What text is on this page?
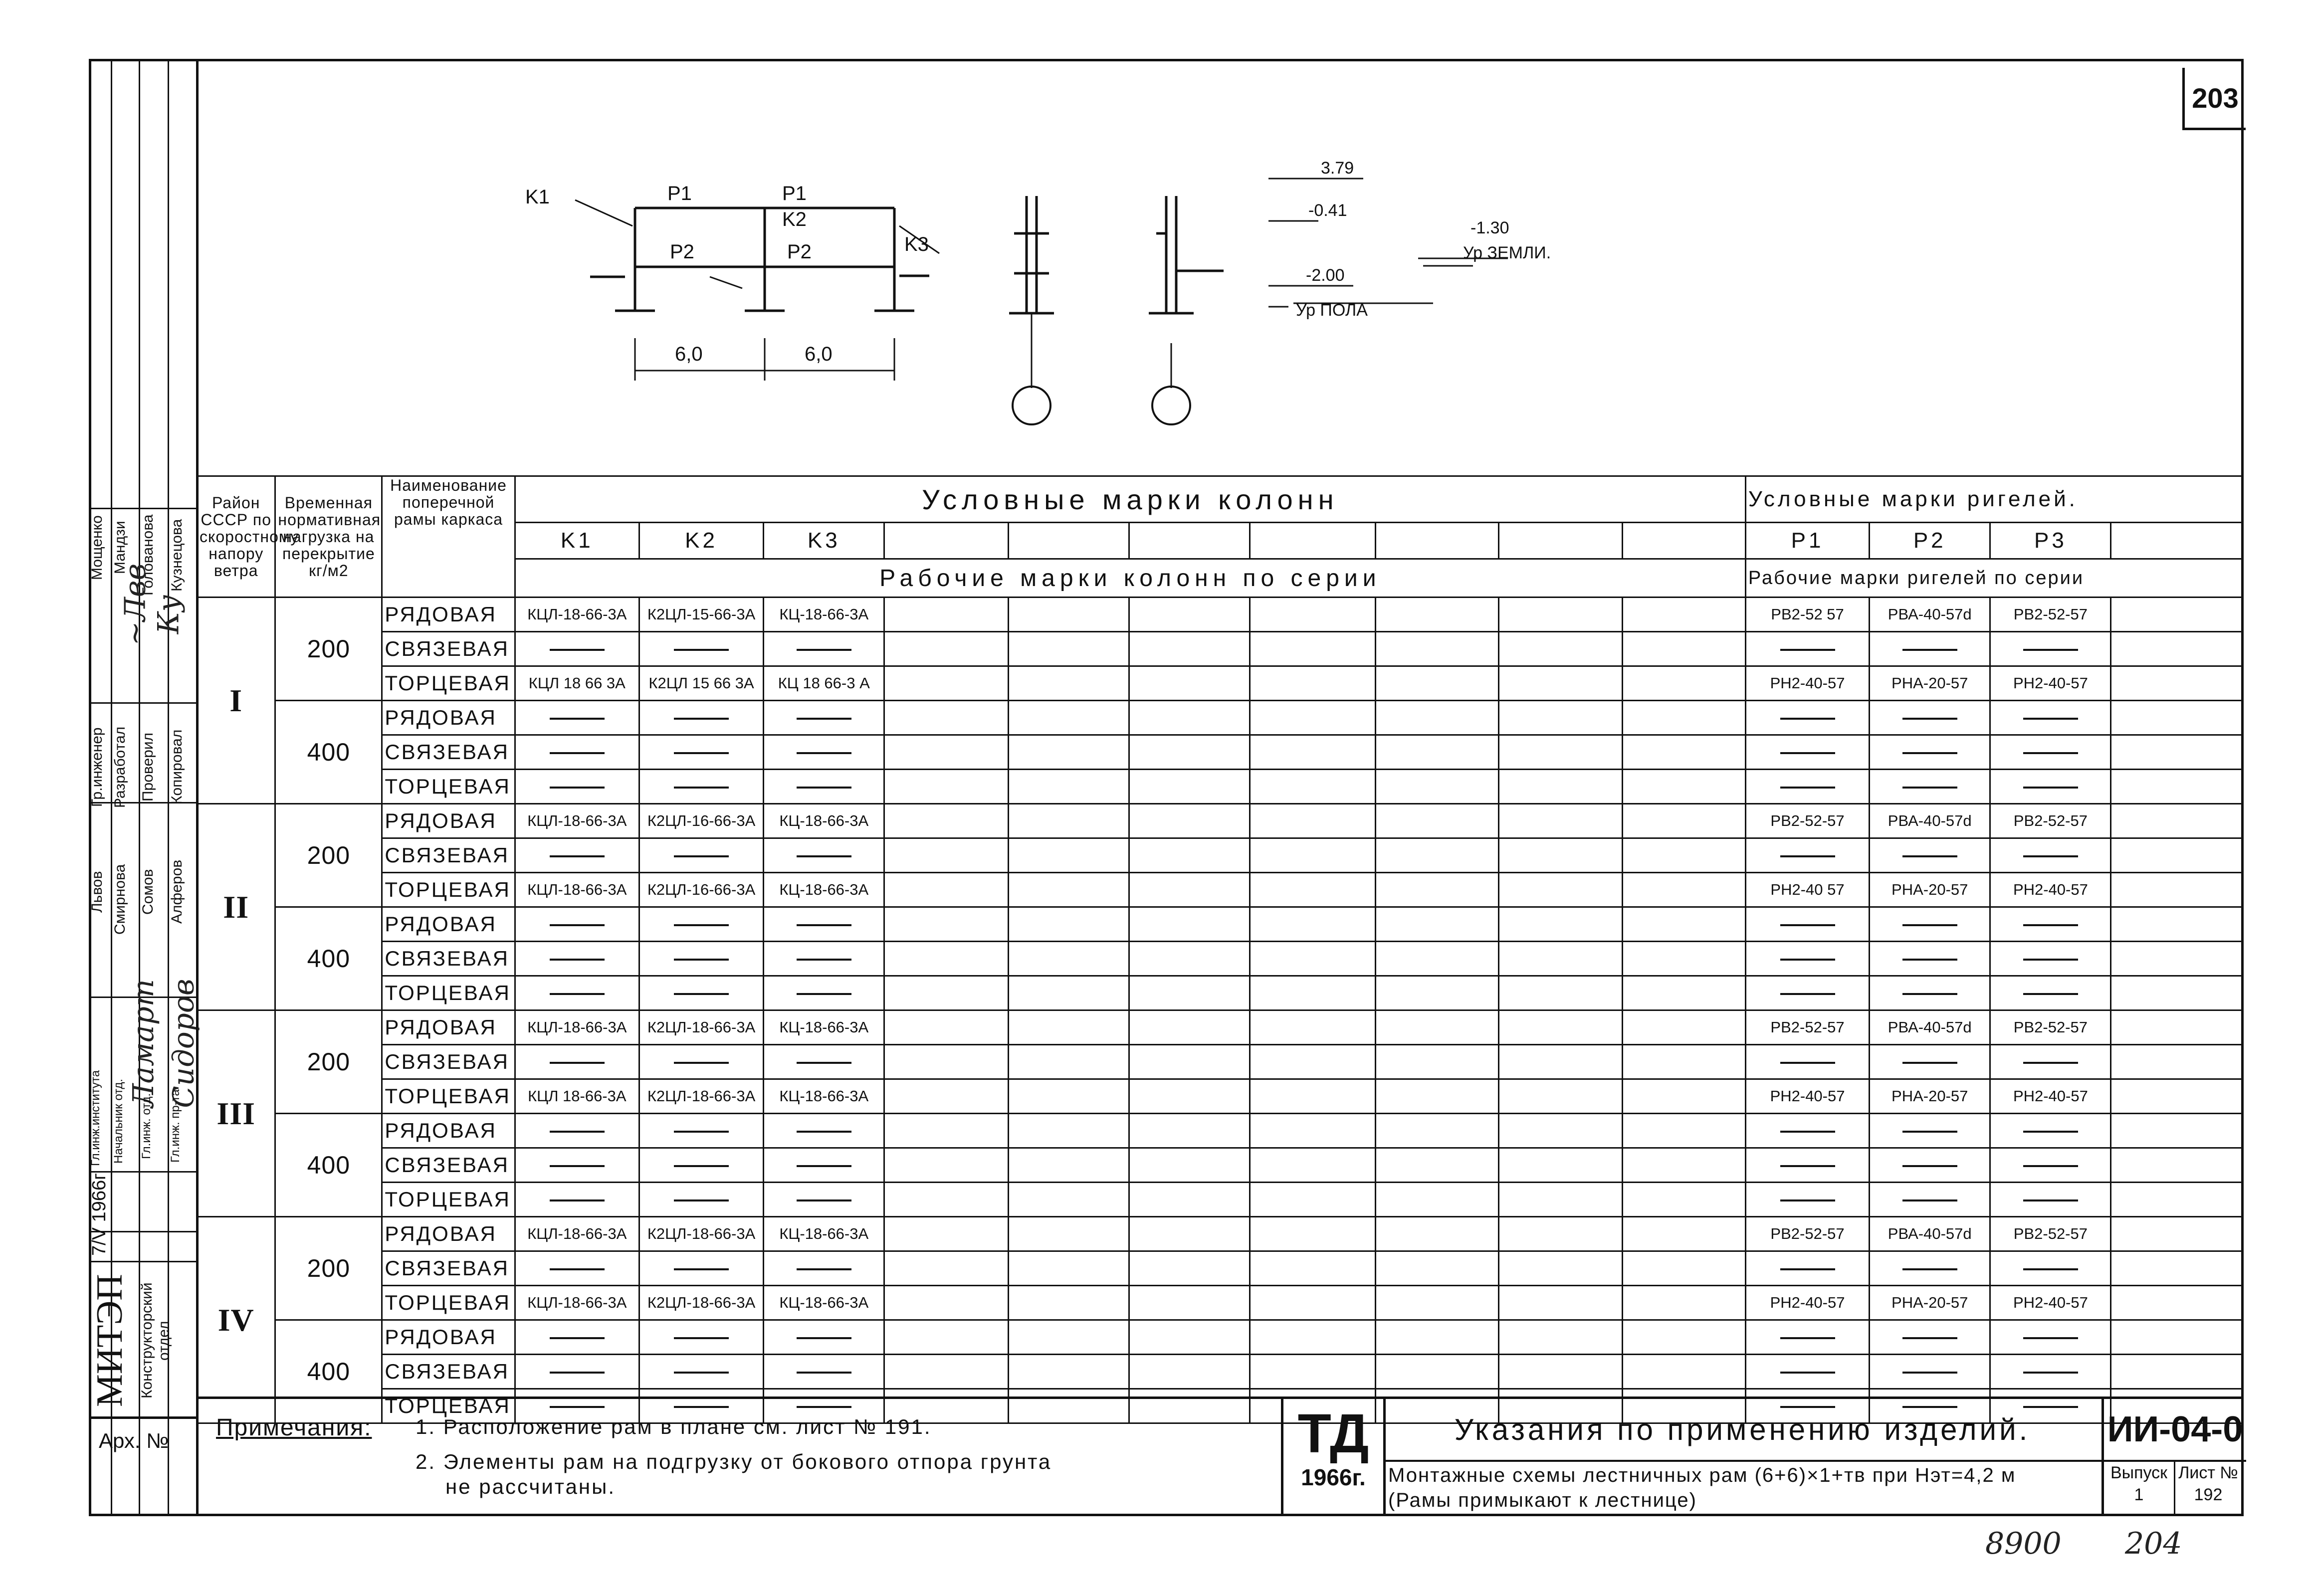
203
Мощенко Мандзи Голованова Кузнецова
Гр.инженер Разработал Проверил Копировал
Львов Смирнова Сомов Алферов
~Лвв Ку
Ламарт Сидоров
Гл.инж.института Начальник отд.	Гл.инж. отд.	Гл.инж. пр-та
7/V 1966г
МИТЭП Конструкторский отдел
Арх. №
K1	P1	P1
K2
K3
P2	P2
6,0	6,0
3.79
-0.41
-2.00
Ур ПОЛА
-1.30
Ур ЗЕМЛИ.
Район СССР по скоростному напору ветра	Временная нормативная нагрузка на перекрытие кг/м2	Наименование поперечной рамы каркаса	Условные марки колонн										Условные марки ригелей.			
			K1	K2	K3								P1	P2	P3	
			Рабочие марки колонн по серии										Рабочие марки ригелей по серии			
I	200	РЯДОВАЯ	КЦЛ-18-66-3А	К2ЦЛ-15-66-3А	КЦ-18-66-3А								РВ2-52 57	РВА-40-57d	РВ2-52-57	
		СВЯЗЕВАЯ														
		ТОРЦЕВАЯ	КЦЛ 18 66 3А	К2ЦЛ 15 66 3А	КЦ 18 66-3 А								РН2-40-57	РНА-20-57	РН2-40-57	
	400	РЯДОВАЯ														
		СВЯЗЕВАЯ														
		ТОРЦЕВАЯ														
II	200	РЯДОВАЯ	КЦЛ-18-66-3А	К2ЦЛ-16-66-3А	КЦ-18-66-3А								РВ2-52-57	РВА-40-57d	РВ2-52-57	
		СВЯЗЕВАЯ														
		ТОРЦЕВАЯ	КЦЛ-18-66-3А	К2ЦЛ-16-66-3А	КЦ-18-66-3А								РН2-40 57	РНА-20-57	РН2-40-57	
	400	РЯДОВАЯ														
		СВЯЗЕВАЯ														
		ТОРЦЕВАЯ														
III	200	РЯДОВАЯ	КЦЛ-18-66-3А	К2ЦЛ-18-66-3А	КЦ-18-66-3А								РВ2-52-57	РВА-40-57d	РВ2-52-57	
		СВЯЗЕВАЯ														
		ТОРЦЕВАЯ	КЦЛ 18-66-3А	К2ЦЛ-18-66-3А	КЦ-18-66-3А								РН2-40-57	РНА-20-57	РН2-40-57	
	400	РЯДОВАЯ														
		СВЯЗЕВАЯ														
		ТОРЦЕВАЯ														
IV	200	РЯДОВАЯ	КЦЛ-18-66-3А	К2ЦЛ-18-66-3А	КЦ-18-66-3А								РВ2-52-57	РВА-40-57d	РВ2-52-57	
		СВЯЗЕВАЯ														
		ТОРЦЕВАЯ	КЦЛ-18-66-3А	К2ЦЛ-18-66-3А	КЦ-18-66-3А								РН2-40-57	РНА-20-57	РН2-40-57	
	400	РЯДОВАЯ														
		СВЯЗЕВАЯ														
		ТОРЦЕВАЯ														
Примечания: 1. Расположение рам в плане см. лист № 191.
2. Элементы рам на подгрузку от бокового отпора грунта
не рассчитаны.
ТД
1966г.
Указания по применению изделий.
Монтажные схемы лестничных рам (6+6)×1+тв при Нэт=4,2 м
(Рамы примыкают к лестнице)
ИИ-04-0
Выпуск
1
Лист №
192
8900 204
